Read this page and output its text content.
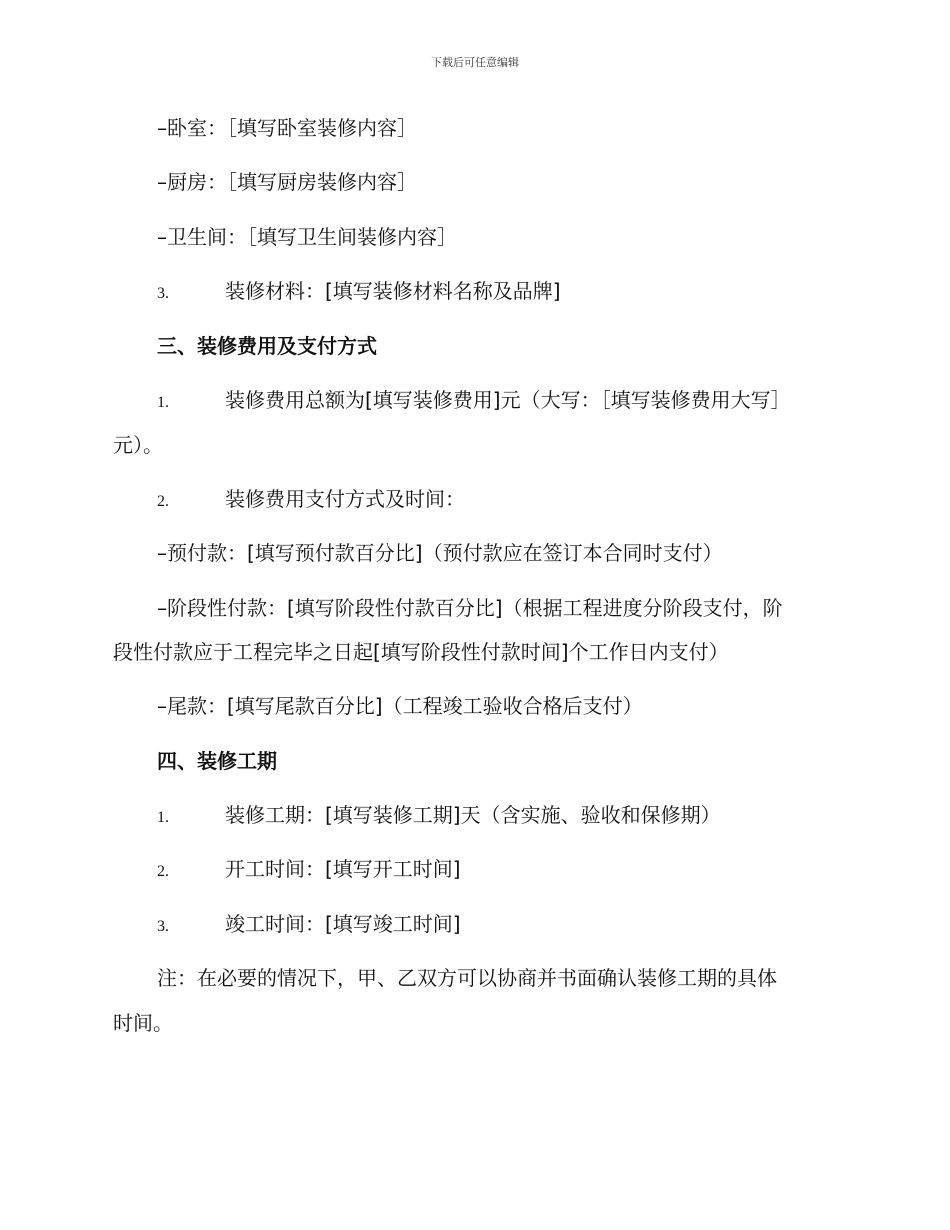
下载后可任意编辑
–卧室：［填写卧室装修内容］
–厨房：［填写厨房装修内容］
–卫生间：［填写卫生间装修内容］
3.	装修材料：[填写装修材料名称及品牌]
三、装修费用及支付方式
1.	装修费用总额为[填写装修费用]元（大写：［填写装修费用大写］
元）。
2.	装修费用支付方式及时间：
–预付款：[填写预付款百分比]（预付款应在签订本合同时支付）
–阶段性付款：[填写阶段性付款百分比]（根据工程进度分阶段支付，阶
段性付款应于工程完毕之日起[填写阶段性付款时间]个工作日内支付）
–尾款：[填写尾款百分比]（工程竣工验收合格后支付）
四、装修工期
1.	装修工期：[填写装修工期]天（含实施、验收和保修期）
2.	开工时间：[填写开工时间]
3.	竣工时间：[填写竣工时间]
注：在必要的情况下，甲、乙双方可以协商并书面确认装修工期的具体
时间。
